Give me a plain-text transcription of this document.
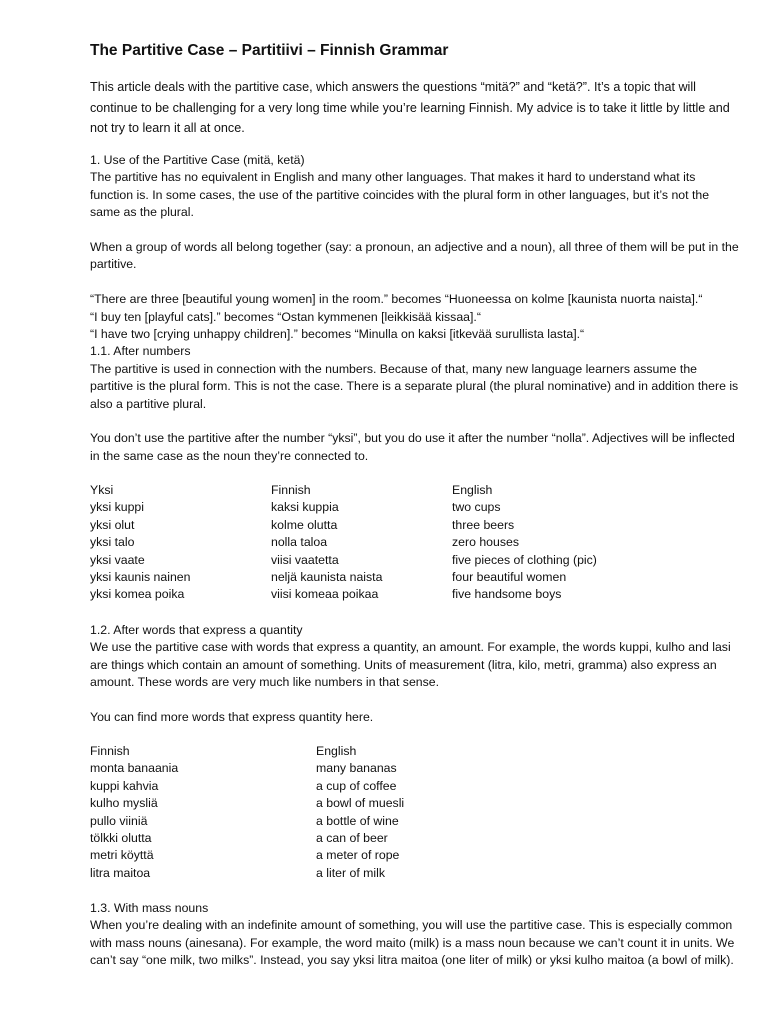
The Partitive Case – Partitiivi – Finnish Grammar
This article deals with the partitive case, which answers the questions “mitä?” and “ketä?”. It’s a topic that will continue to be challenging for a very long time while you’re learning Finnish. My advice is to take it little by little and not try to learn it all at once.

1. Use of the Partitive Case (mitä, ketä)

The partitive has no equivalent in English and many other languages. That makes it hard to understand what its function is. In some cases, the use of the partitive coincides with the plural form in other languages, but it’s not the same as the plural.

When a group of words all belong together (say: a pronoun, an adjective and a noun), all three of them will be put in the partitive.

“There are three [beautiful young women] in the room.” becomes “Huoneessa on kolme [kaunista nuorta naista].“

“I buy ten [playful cats].” becomes “Ostan kymmenen [leikkisää kissaa].“

“I have two [crying unhappy children].” becomes “Minulla on kaksi [itkevää surullista lasta].“

1.1. After numbers

The partitive is used in connection with the numbers. Because of that, many new language learners assume the partitive is the plural form. This is not the case. There is a separate plural (the plural nominative) and in addition there is also a partitive plural.

You don’t use the partitive after the number “yksi”, but you do use it after the number “nolla”. Adjectives will be inflected in the same case as the noun they’re connected to.

Yksi	Finnish	English
yksi kuppi	kaksi kuppia	two cups
yksi olut	kolme olutta	three beers
yksi talo	nolla taloa	zero houses
yksi vaate	viisi vaatetta	five pieces of clothing (pic)
yksi kaunis nainen	neljä kaunista naista	four beautiful women
yksi komea poika	viisi komeaa poikaa	five handsome boys

1.2. After words that express a quantity

We use the partitive case with words that express a quantity, an amount. For example, the words kuppi, kulho and lasi are things which contain an amount of something. Units of measurement (litra, kilo, metri, gramma) also express an amount. These words are very much like numbers in that sense.

You can find more words that express quantity here.

Finnish	English
monta banaania	many bananas
kuppi kahvia	a cup of coffee
kulho mysliä	a bowl of muesli
pullo viiniä	a bottle of wine
tölkki olutta	a can of beer
metri köyttä	a meter of rope
litra maitoa	a liter of milk

1.3. With mass nouns

When you’re dealing with an indefinite amount of something, you will use the partitive case. This is especially common with mass nouns (ainesana). For example, the word maito (milk) is a mass noun because we can’t count it in units. We can’t say “one milk, two milks”. Instead, you say yksi litra maitoa (one liter of milk) or yksi kulho maitoa (a bowl of milk).
